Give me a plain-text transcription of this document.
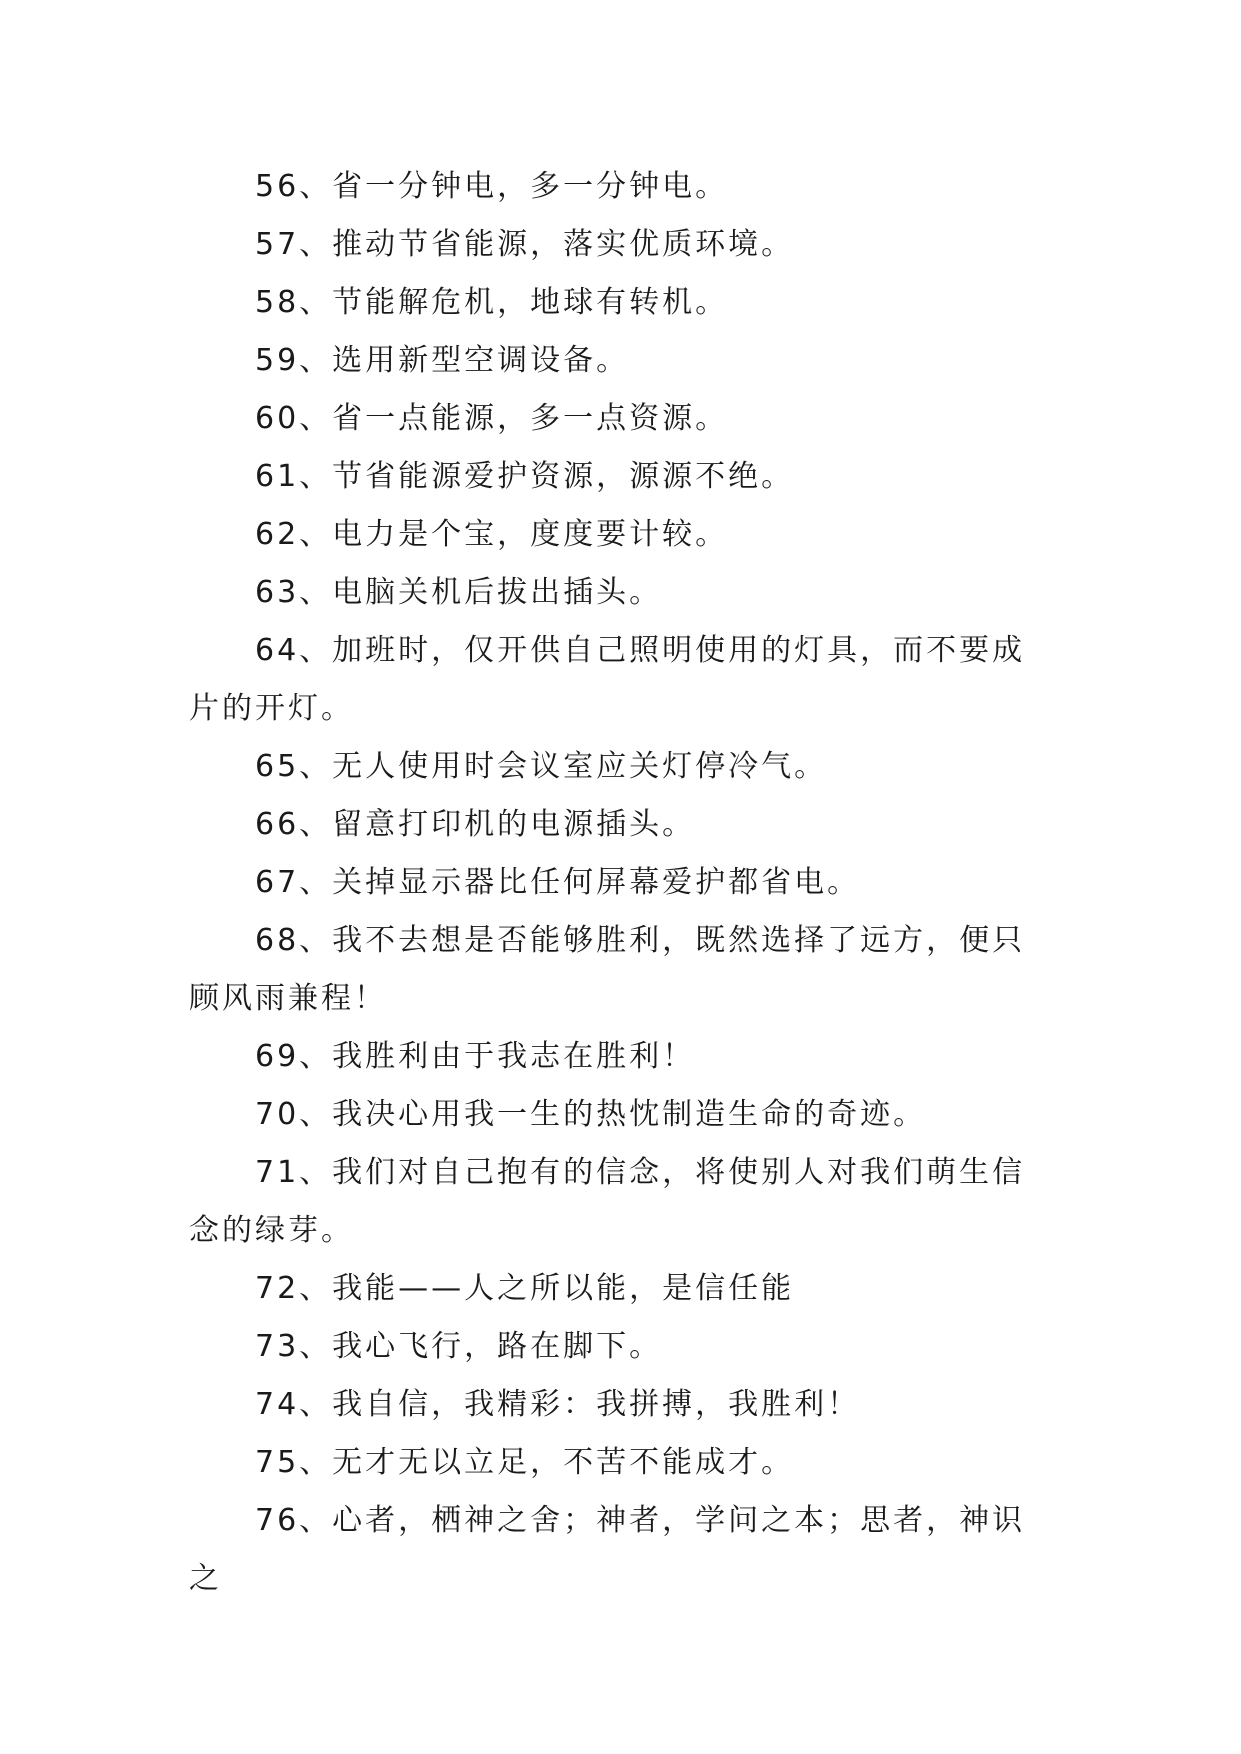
56、省一分钟电，多一分钟电。

57、推动节省能源，落实优质环境。

58、节能解危机，地球有转机。

59、选用新型空调设备。

60、省一点能源，多一点资源。

61、节省能源爱护资源，源源不绝。

62、电力是个宝，度度要计较。

63、电脑关机后拔出插头。

64、加班时，仅开供自己照明使用的灯具，而不要成片的开灯。

65、无人使用时会议室应关灯停冷气。

66、留意打印机的电源插头。

67、关掉显示器比任何屏幕爱护都省电。

68、我不去想是否能够胜利，既然选择了远方，便只顾风雨兼程！

69、我胜利由于我志在胜利！

70、我决心用我一生的热忱制造生命的奇迹。

71、我们对自己抱有的信念，将使别人对我们萌生信念的绿芽。

72、我能——人之所以能，是信任能

73、我心飞行，路在脚下。

74、我自信，我精彩：我拼搏，我胜利！

75、无才无以立足，不苦不能成才。

76、心者，栖神之舍；神者，学问之本；思者，神识之
